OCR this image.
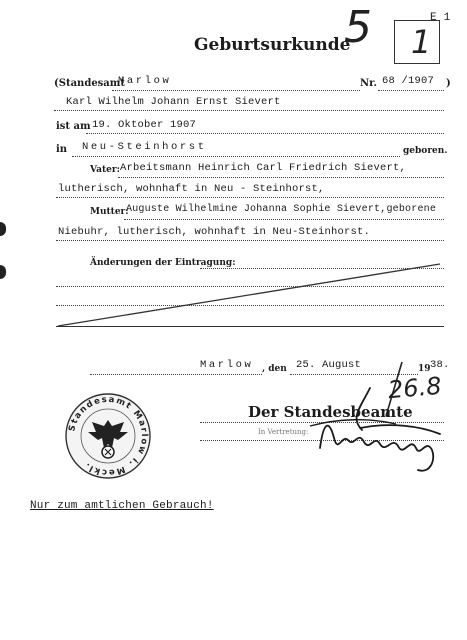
E 1
5 1
Geburtsurkunde
(Standesamt
Marlow	Nr. 68 /1907 )
Karl Wilhelm Johann Ernst Sievert
ist am 19. Oktober 1907
in Neu-Steinhorst	geboren.
Vater: Arbeitsmann Heinrich Carl Friedrich Sievert,
lutherisch, wohnhaft in Neu - Steinhorst,
Mutter:
Auguste Wilhelmine Johanna Sophie Sievert,geborene
Niebuhr, lutherisch, wohnhaft in Neu-Steinhorst.
Änderungen der Eintragung:
Marlow , den 25. August	19 38.
26.8
Der Standesbeamte
In Vertretung:
Standesamt Marlow i. Meckl.
Nur zum amtlichen Gebrauch!
